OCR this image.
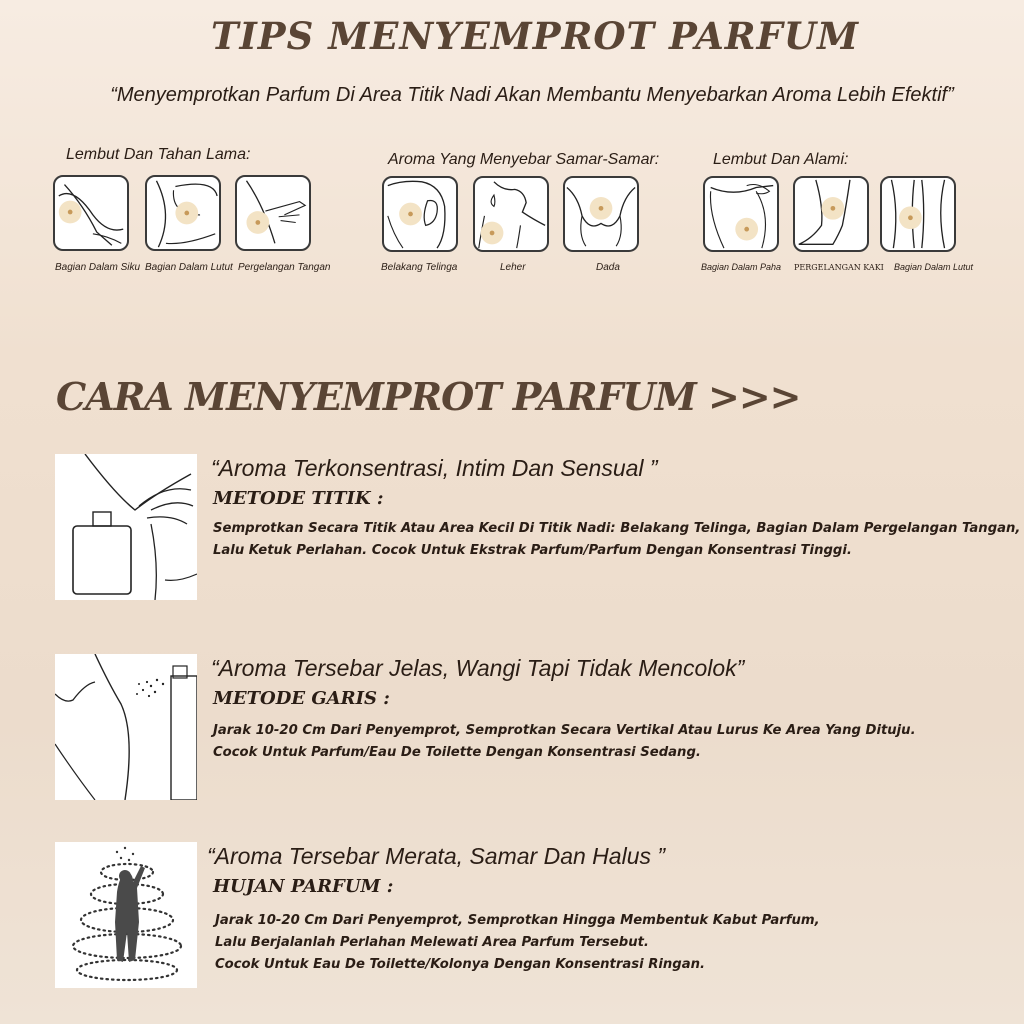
TIPS MENYEMPROT PARFUM
“Menyemprotkan Parfum Di Area Titik Nadi Akan Membantu Menyebarkan Aroma Lebih Efektif”
Lembut Dan Tahan Lama:
Bagian Dalam Siku Bagian Dalam Lutut Pergelangan Tangan
Aroma Yang Menyebar Samar-Samar:
Belakang Telinga	Leher	Dada
Lembut Dan Alami:
Bagian Dalam Paha PERGELANGAN KAKI Bagian Dalam Lutut
CARA MENYEMPROT PARFUM >>>
“Aroma Terkonsentrasi, Intim Dan Sensual ”
METODE TITIK :
Semprotkan Secara Titik Atau Area Kecil Di Titik Nadi: Belakang Telinga, Bagian Dalam Pergelangan Tangan,
Lalu Ketuk Perlahan. Cocok Untuk Ekstrak Parfum/Parfum Dengan Konsentrasi Tinggi.
“Aroma Tersebar Jelas, Wangi Tapi Tidak Mencolok”
METODE GARIS :
Jarak 10-20 Cm Dari Penyemprot, Semprotkan Secara Vertikal Atau Lurus Ke Area Yang Dituju.
Cocok Untuk Parfum/Eau De Toilette Dengan Konsentrasi Sedang.
“Aroma Tersebar Merata, Samar Dan Halus ”
HUJAN PARFUM :
Jarak 10-20 Cm Dari Penyemprot, Semprotkan Hingga Membentuk Kabut Parfum,
Lalu Berjalanlah Perlahan Melewati Area Parfum Tersebut.
Cocok Untuk Eau De Toilette/Kolonya Dengan Konsentrasi Ringan.
